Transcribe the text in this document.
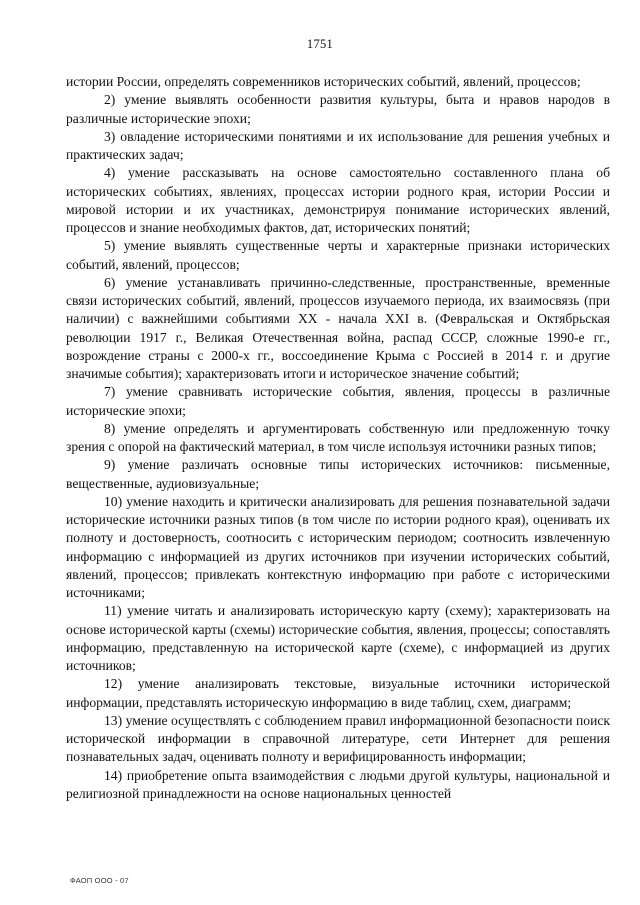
1751

истории России, определять современников исторических событий, явлений, процессов;

2) умение выявлять особенности развития культуры, быта и нравов народов в различные исторические эпохи;

3) овладение историческими понятиями и их использование для решения учебных и практических задач;

4) умение рассказывать на основе самостоятельно составленного плана об исторических событиях, явлениях, процессах истории родного края, истории России и мировой истории и их участниках, демонстрируя понимание исторических явлений, процессов и знание необходимых фактов, дат, исторических понятий;

5) умение выявлять существенные черты и характерные признаки исторических событий, явлений, процессов;

6) умение устанавливать причинно-следственные, пространственные, временные связи исторических событий, явлений, процессов изучаемого периода, их взаимосвязь (при наличии) с важнейшими событиями XX - начала XXI в. (Февральская и Октябрьская революции 1917 г., Великая Отечественная война, распад СССР, сложные 1990-е гг., возрождение страны с 2000-х гг., воссоединение Крыма с Россией в 2014 г. и другие значимые события); характеризовать итоги и историческое значение событий;

7) умение сравнивать исторические события, явления, процессы в различные исторические эпохи;

8) умение определять и аргументировать собственную или предложенную точку зрения с опорой на фактический материал, в том числе используя источники разных типов;

9) умение различать основные типы исторических источников: письменные, вещественные, аудиовизуальные;

10) умение находить и критически анализировать для решения познавательной задачи исторические источники разных типов (в том числе по истории родного края), оценивать их полноту и достоверность, соотносить с историческим периодом; соотносить извлеченную информацию с информацией из других источников при изучении исторических событий, явлений, процессов; привлекать контекстную информацию при работе с историческими источниками;

11) умение читать и анализировать историческую карту (схему); характеризовать на основе исторической карты (схемы) исторические события, явления, процессы; сопоставлять информацию, представленную на исторической карте (схеме), с информацией из других источников;

12) умение анализировать текстовые, визуальные источники исторической информации, представлять историческую информацию в виде таблиц, схем, диаграмм;

13) умение осуществлять с соблюдением правил информационной безопасности поиск исторической информации в справочной литературе, сети Интернет для решения познавательных задач, оценивать полноту и верифицированность информации;

14) приобретение опыта взаимодействия с людьми другой культуры, национальной и религиозной принадлежности на основе национальных ценностей

ФАОП ООО - 07
